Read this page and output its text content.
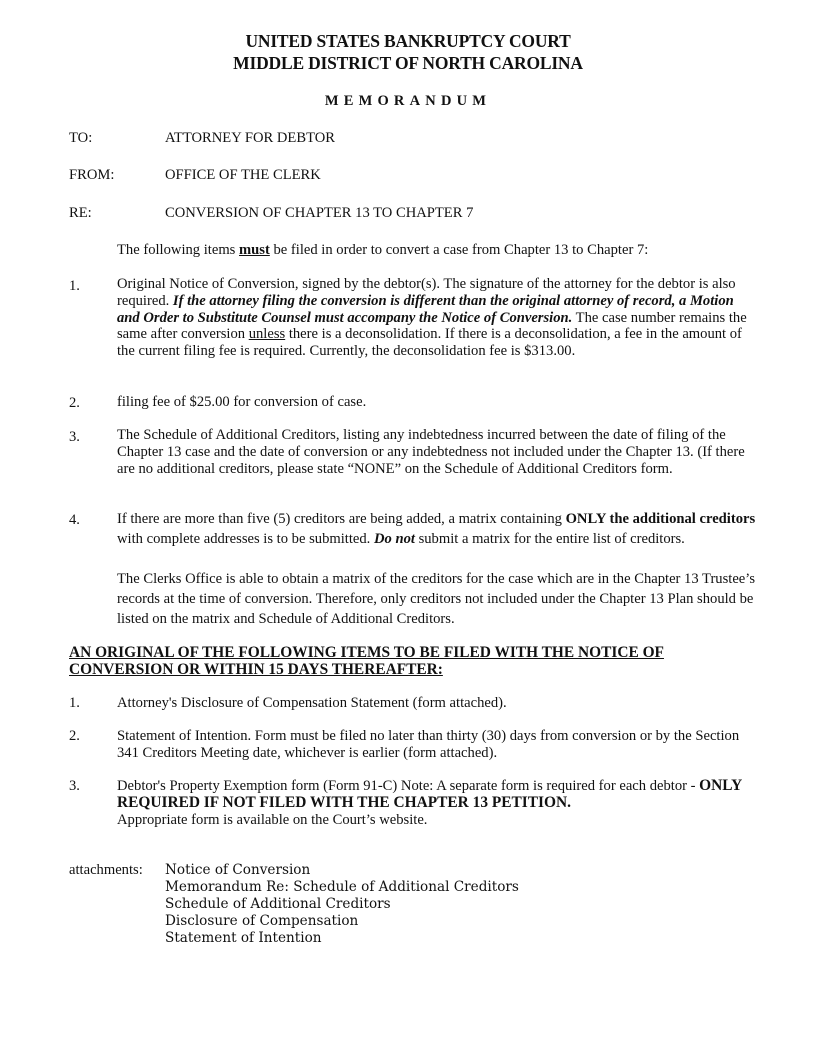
UNITED STATES BANKRUPTCY COURT
MIDDLE DISTRICT OF NORTH CAROLINA
MEMORANDUM
TO:	ATTORNEY FOR DEBTOR
FROM:	OFFICE OF THE CLERK
RE:	CONVERSION OF CHAPTER 13 TO CHAPTER 7
The following items must be filed in order to convert a case from Chapter 13 to Chapter 7:
1.	Original Notice of Conversion, signed by the debtor(s). The signature of the attorney for the debtor is also required. If the attorney filing the conversion is different than the original attorney of record, a Motion and Order to Substitute Counsel must accompany the Notice of Conversion. The case number remains the same after conversion unless there is a deconsolidation. If there is a deconsolidation, a fee in the amount of the current filing fee is required. Currently, the deconsolidation fee is $313.00.
2.	filing fee of $25.00 for conversion of case.
3.	The Schedule of Additional Creditors, listing any indebtedness incurred between the date of filing of the Chapter 13 case and the date of conversion or any indebtedness not included under the Chapter 13. (If there are no additional creditors, please state “NONE” on the Schedule of Additional Creditors form.
4.	If there are more than five (5) creditors are being added, a matrix containing ONLY the additional creditors with complete addresses is to be submitted. Do not submit a matrix for the entire list of creditors.
The Clerks Office is able to obtain a matrix of the creditors for the case which are in the Chapter 13 Trustee’s records at the time of conversion. Therefore, only creditors not included under the Chapter 13 Plan should be listed on the matrix and Schedule of Additional Creditors.
AN ORIGINAL OF THE FOLLOWING ITEMS TO BE FILED WITH THE NOTICE OF CONVERSION OR WITHIN 15 DAYS THEREAFTER:
1.	Attorney's Disclosure of Compensation Statement (form attached).
2.	Statement of Intention. Form must be filed no later than thirty (30) days from conversion or by the Section 341 Creditors Meeting date, whichever is earlier (form attached).
3.	Debtor's Property Exemption form (Form 91-C) Note: A separate form is required for each debtor - ONLY REQUIRED IF NOT FILED WITH THE CHAPTER 13 PETITION.
Appropriate form is available on the Court’s website.
attachments: Notice of Conversion
Memorandum Re: Schedule of Additional Creditors
Schedule of Additional Creditors
Disclosure of Compensation
Statement of Intention
